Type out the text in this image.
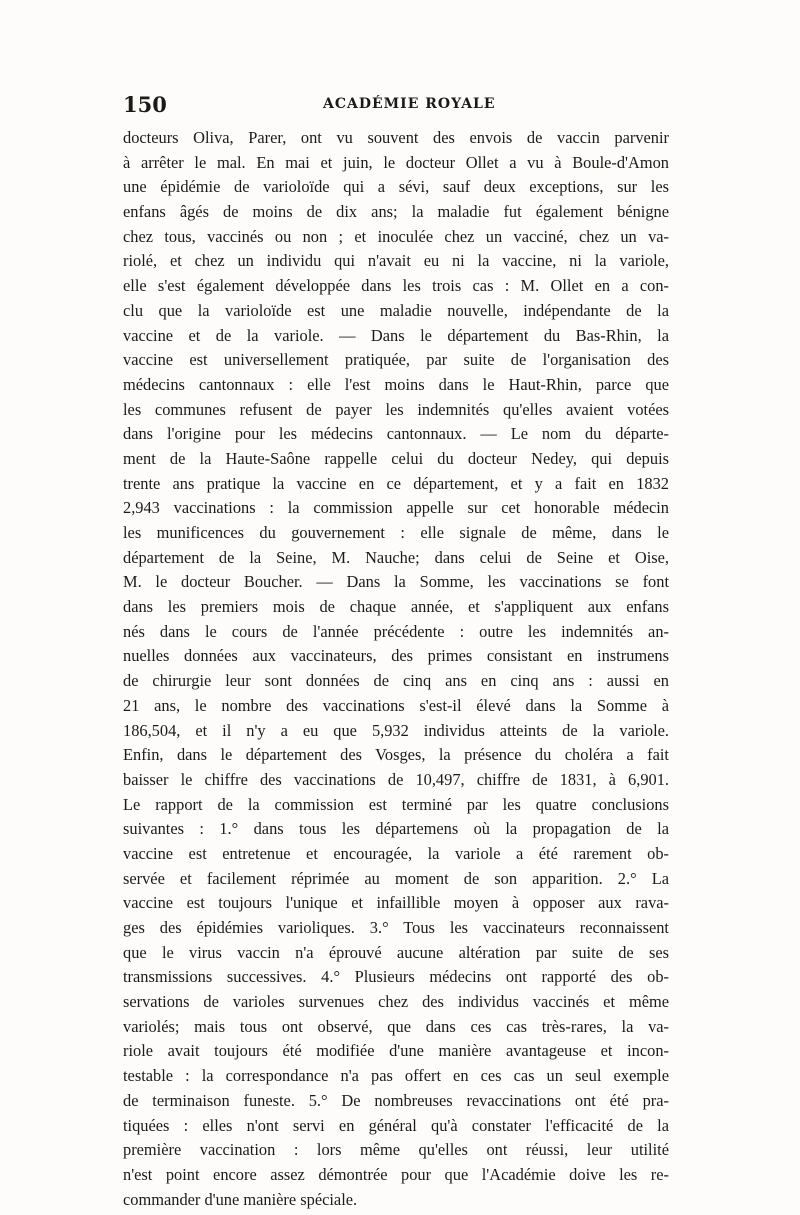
150	ACADÉMIE ROYALE
docteurs Oliva, Parer, ont vu souvent des envois de vaccin parvenir
à arrêter le mal. En mai et juin, le docteur Ollet a vu à Boule-d'Amon
une épidémie de varioloïde qui a sévi, sauf deux exceptions, sur les
enfans âgés de moins de dix ans; la maladie fut également bénigne
chez tous, vaccinés ou non ; et inoculée chez un vacciné, chez un va-
riolé, et chez un individu qui n'avait eu ni la vaccine, ni la variole,
elle s'est également développée dans les trois cas : M. Ollet en a con-
clu que la varioloïde est une maladie nouvelle, indépendante de la
vaccine et de la variole. — Dans le département du Bas-Rhin, la
vaccine est universellement pratiquée, par suite de l'organisation des
médecins cantonnaux : elle l'est moins dans le Haut-Rhin, parce que
les communes refusent de payer les indemnités qu'elles avaient votées
dans l'origine pour les médecins cantonnaux. — Le nom du départe-
ment de la Haute-Saône rappelle celui du docteur Nedey, qui depuis
trente ans pratique la vaccine en ce département, et y a fait en 1832
2,943 vaccinations : la commission appelle sur cet honorable médecin
les munificences du gouvernement : elle signale de même, dans le
département de la Seine, M. Nauche; dans celui de Seine et Oise,
M. le docteur Boucher. — Dans la Somme, les vaccinations se font
dans les premiers mois de chaque année, et s'appliquent aux enfans
nés dans le cours de l'année précédente : outre les indemnités an-
nuelles données aux vaccinateurs, des primes consistant en instrumens
de chirurgie leur sont données de cinq ans en cinq ans : aussi en
21 ans, le nombre des vaccinations s'est-il élevé dans la Somme à
186,504, et il n'y a eu que 5,932 individus atteints de la variole.
Enfin, dans le département des Vosges, la présence du choléra a fait
baisser le chiffre des vaccinations de 10,497, chiffre de 1831, à 6,901.
Le rapport de la commission est terminé par les quatre conclusions
suivantes : 1.° dans tous les départemens où la propagation de la
vaccine est entretenue et encouragée, la variole a été rarement ob-
servée et facilement réprimée au moment de son apparition. 2.° La
vaccine est toujours l'unique et infaillible moyen à opposer aux rava-
ges des épidémies varioliques. 3.° Tous les vaccinateurs reconnaissent
que le virus vaccin n'a éprouvé aucune altération par suite de ses
transmissions successives. 4.° Plusieurs médecins ont rapporté des ob-
servations de varioles survenues chez des individus vaccinés et même
variolés; mais tous ont observé, que dans ces cas très-rares, la va-
riole avait toujours été modifiée d'une manière avantageuse et incon-
testable : la correspondance n'a pas offert en ces cas un seul exemple
de terminaison funeste. 5.° De nombreuses revaccinations ont été pra-
tiquées : elles n'ont servi en général qu'à constater l'efficacité de la
première vaccination : lors même qu'elles ont réussi, leur utilité
n'est point encore assez démontrée pour que l'Académie doive les re-
commander d'une manière spéciale.
